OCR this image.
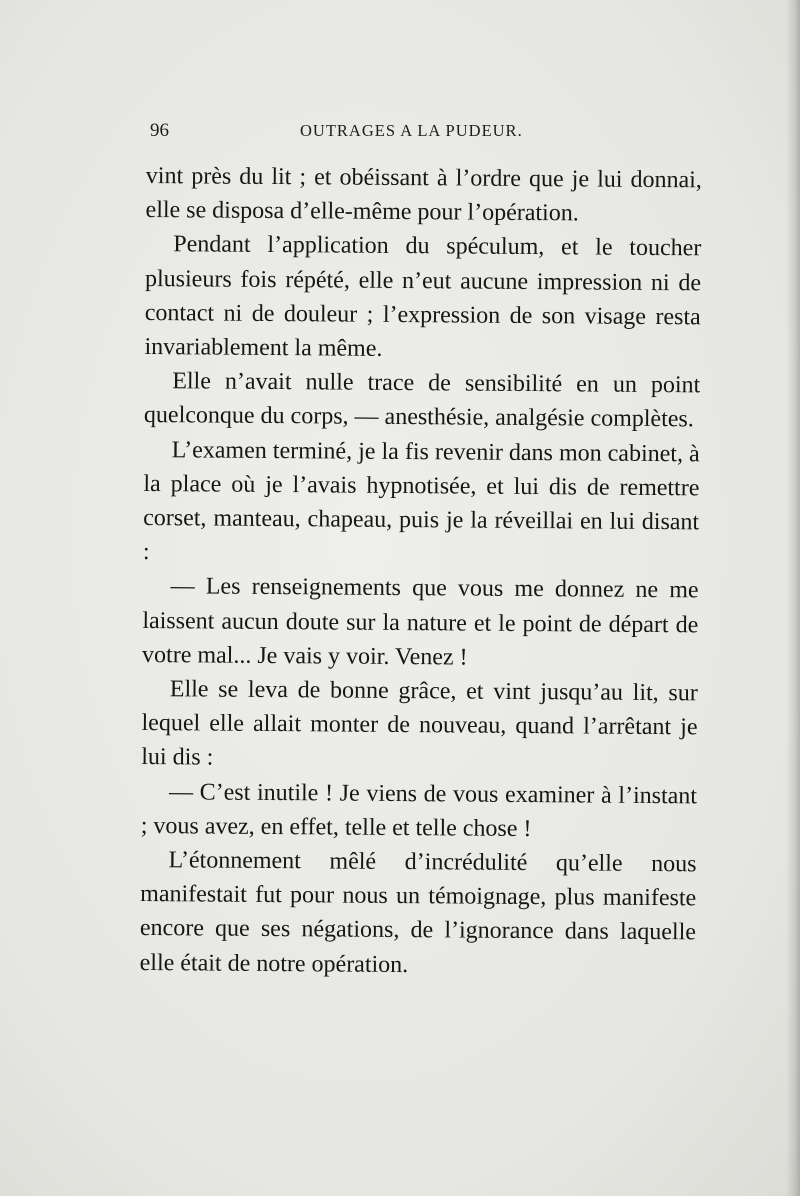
96	OUTRAGES A LA PUDEUR.

vint près du lit ; et obéissant à l’ordre que je lui donnai, elle se disposa d’elle-même pour l’opération.

Pendant l’application du spéculum, et le toucher plusieurs fois répété, elle n’eut aucune impression ni de contact ni de douleur ; l’expression de son visage resta invariablement la même.

Elle n’avait nulle trace de sensibilité en un point quelconque du corps, — anesthésie, analgésie complètes.

L’examen terminé, je la fis revenir dans mon cabinet, à la place où je l’avais hypnotisée, et lui dis de remettre corset, manteau, chapeau, puis je la réveillai en lui disant :

— Les renseignements que vous me donnez ne me laissent aucun doute sur la nature et le point de départ de votre mal... Je vais y voir. Venez !

Elle se leva de bonne grâce, et vint jusqu’au lit, sur lequel elle allait monter de nouveau, quand l’arrêtant je lui dis :

— C’est inutile ! Je viens de vous examiner à l’instant ; vous avez, en effet, telle et telle chose !

L’étonnement mêlé d’incrédulité qu’elle nous manifestait fut pour nous un témoignage, plus manifeste encore que ses négations, de l’ignorance dans laquelle elle était de notre opération.
